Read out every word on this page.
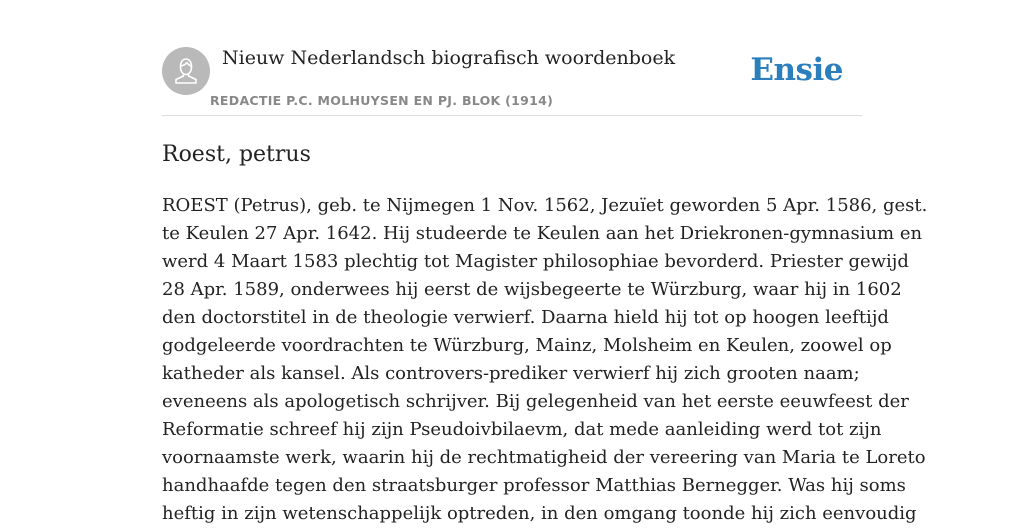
Nieuw Nederlandsch biografisch woordenboek
REDACTIE P.C. MOLHUYSEN EN PJ. BLOK (1914)
Ensie
Roest, petrus

ROEST (Petrus), geb. te Nijmegen 1 Nov. 1562, Jezuïet geworden 5 Apr. 1586, gest.
te Keulen 27 Apr. 1642. Hij studeerde te Keulen aan het Driekronen-gymnasium en
werd 4 Maart 1583 plechtig tot Magister philosophiae bevorderd. Priester gewijd
28 Apr. 1589, onderwees hij eerst de wijsbegeerte te Würzburg, waar hij in 1602
den doctorstitel in de theologie verwierf. Daarna hield hij tot op hoogen leeftijd
godgeleerde voordrachten te Würzburg, Mainz, Molsheim en Keulen, zoowel op
katheder als kansel. Als controvers-prediker verwierf hij zich grooten naam;
eveneens als apologetisch schrijver. Bij gelegenheid van het eerste eeuwfeest der
Reformatie schreef hij zijn Pseudoivbilaevm, dat mede aanleiding werd tot zijn
voornaamste werk, waarin hij de rechtmatigheid der vereering van Maria te Loreto
handhaafde tegen den straatsburger professor Matthias Bernegger. Was hij soms
heftig in zijn wetenschappelijk optreden, in den omgang toonde hij zich eenvoudig
